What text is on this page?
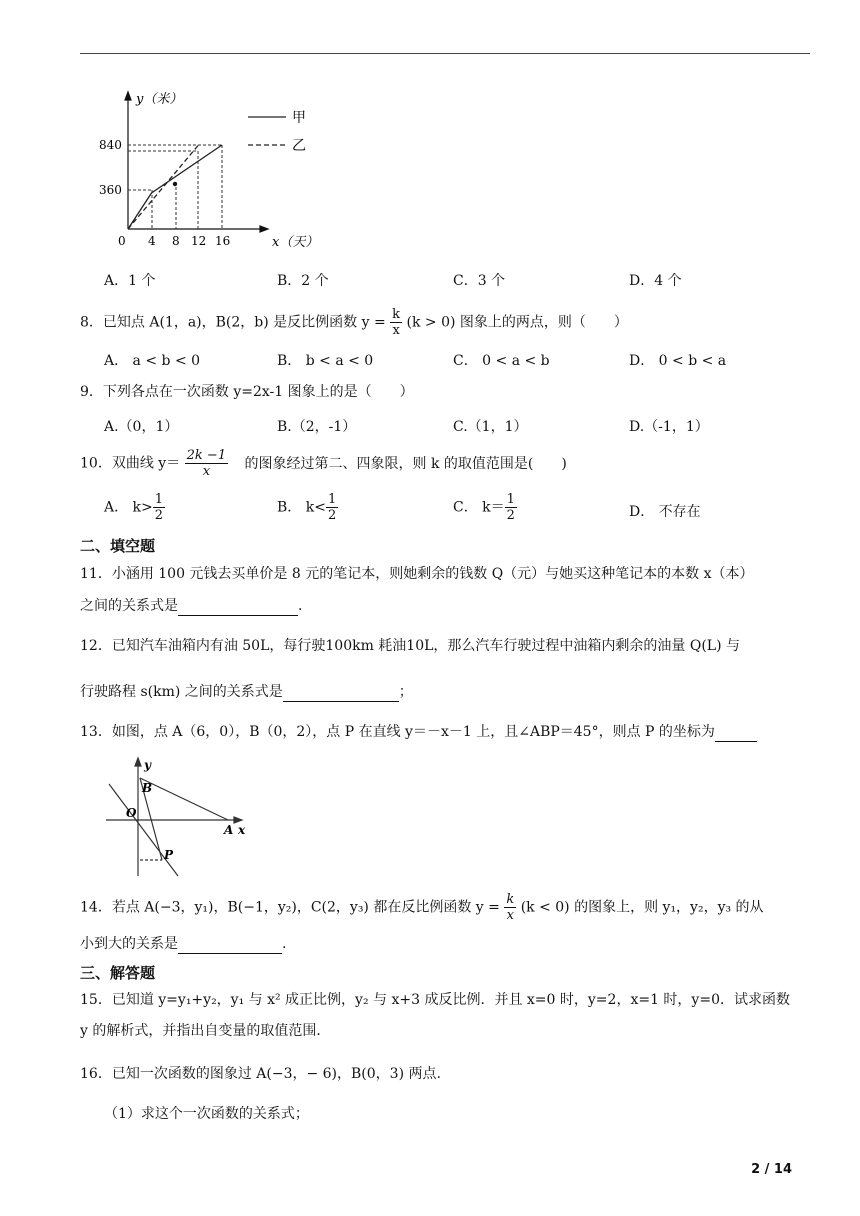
y（米）
x（天）
840
360
0 4 8 12 16
甲
乙
A．1 个	B．2 个	C．3 个	D．4 个
8．已知点 A(1，a)，B(2，b) 是反比例函数 $y = \frac{k}{x} (k > 0)$ 图象上的两点，则（　　）
A． a < b < 0	B． b < a < 0	C． 0 < a < b	D． 0 < b < a
9．下列各点在一次函数 y=2x-1 图象上的是（　　）
A.（0，1）	B.（2，-1）	C.（1，1）	D.（-1，1）
10．双曲线 $y= \frac{2k -1}{x}$ 的图象经过第二、四象限，则 k 的取值范围是(　　)
A． $k> \frac{1}{2}$	B． $k< \frac{1}{2}$	C． $k= \frac{1}{2}$	D． 不存在
二、填空题
11．小涵用 100 元钱去买单价是 8 元的笔记本，则她剩余的钱数 Q（元）与她买这种笔记本的本数 x（本）
之间的关系式是	.
12．已知汽车油箱内有油 50L，每行驶100km 耗油10L，那么汽车行驶过程中油箱内剩余的油量 Q(L) 与
行驶路程 s(km) 之间的关系式是	；
13．如图，点 A（6，0），B（0，2），点 P 在直线 y＝－x－1 上，且∠ABP＝45°，则点 P 的坐标为
y
B
O
A x
P
14．若点 A(−3，y₁)，B(−1，y₂)，C(2，y₃) 都在反比例函数 $y = \frac{k}{x} (k < 0)$ 的图象上，则 y₁，y₂，y₃ 的从
小到大的关系是	.
三、解答题
15．已知道 y=y₁+y₂，y₁ 与 x² 成正比例，y₂ 与 x+3 成反比例．并且 x=0 时，y=2，x=1 时，y=0．试求函数
y 的解析式，并指出自变量的取值范围．
16．已知一次函数的图象过 A(−3，− 6)，B(0，3) 两点.
（1）求这个一次函数的关系式；
2 / 14
